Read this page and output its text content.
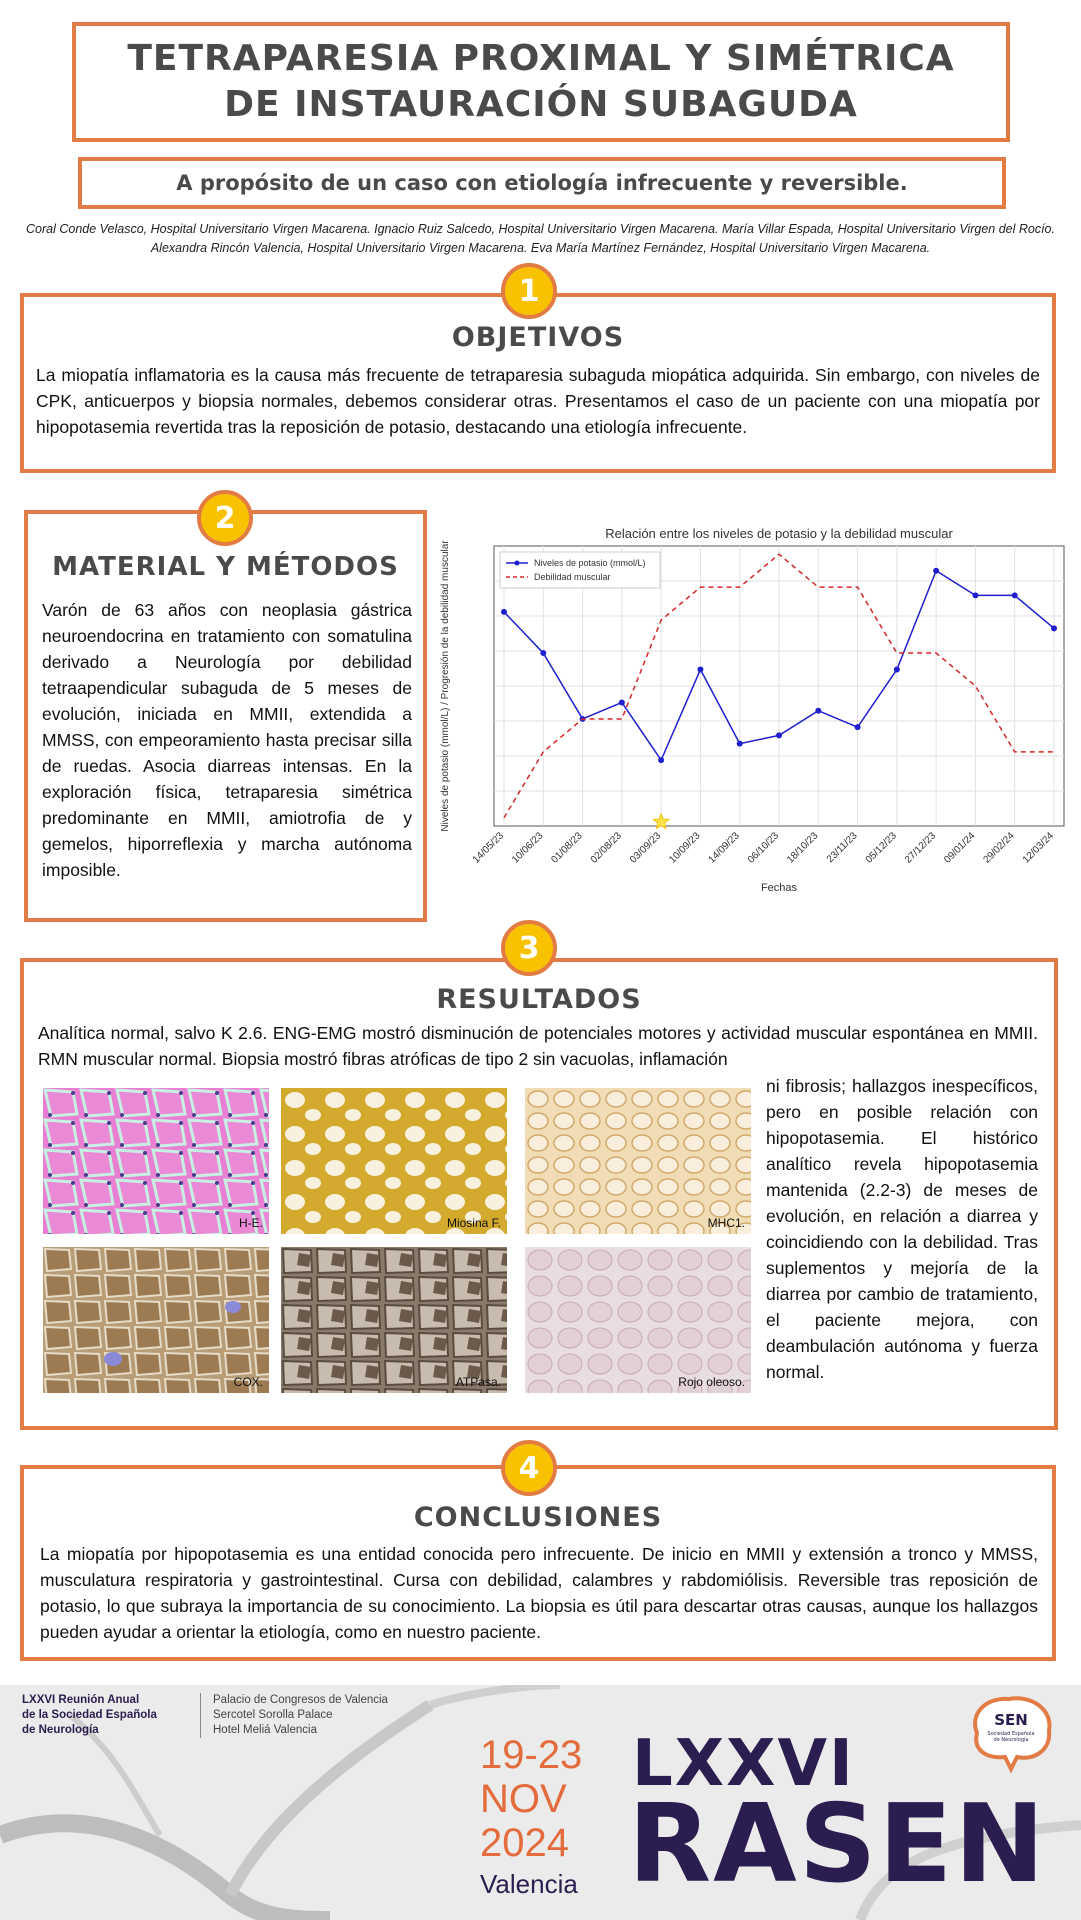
TETRAPARESIA PROXIMAL Y SIMÉTRICA
DE INSTAURACIÓN SUBAGUDA
A propósito de un caso con etiología infrecuente y reversible.
Coral Conde Velasco, Hospital Universitario Virgen Macarena. Ignacio Ruiz Salcedo, Hospital Universitario Virgen Macarena. María Villar Espada, Hospital Universitario Virgen del Rocío. Alexandra Rincón Valencia, Hospital Universitario Virgen Macarena. Eva María Martínez Fernández, Hospital Universitario Virgen Macarena.
1
OBJETIVOS
La miopatía inflamatoria es la causa más frecuente de tetraparesia subaguda miopática adquirida. Sin embargo, con niveles de CPK, anticuerpos y biopsia normales, debemos considerar otras. Presentamos el caso de un paciente con una miopatía por hipopotasemia revertida tras la reposición de potasio, destacando una etiología infrecuente.
2
MATERIAL Y MÉTODOS
Varón de 63 años con neoplasia gástrica neuroendocrina en tratamiento con somatulina derivado a Neurología por debilidad tetraapendicular subaguda de 5 meses de evolución, iniciada en MMII, extendida a MMSS, con empeoramiento hasta precisar silla de ruedas. Asocia diarreas intensas. En la exploración física, tetraparesia simétrica predominante en MMII, amiotrofia de y gemelos, hiporreflexia y marcha autónoma imposible.
Relación entre los niveles de potasio y la debilidad muscular
14/05/23 10/06/23 01/08/23 02/08/23 03/09/23 10/09/23 14/09/23 06/10/23 18/10/23 23/11/23 05/12/23 27/12/23 09/01/24 29/02/24 12/03/24
Fechas
Niveles de potasio (mmol/L) / Progresión de la debilidad muscular	Niveles de potasio (mmol/L)
Debilidad muscular
3
RESULTADOS
Analítica normal, salvo K 2.6. ENG-EMG mostró disminución de potenciales motores y actividad muscular espontánea en MMII. RMN muscular normal. Biopsia mostró fibras atróficas de tipo 2 sin vacuolas, inflamación
ni fibrosis; hallazgos inespecíficos, pero en posible relación con hipopotasemia. El histórico analítico revela hipopotasemia mantenida (2.2-3) de meses de evolución, en relación a diarrea y coincidiendo con la debilidad. Tras suplementos y mejoría de la diarrea por cambio de tratamiento, el paciente mejora, con deambulación autónoma y fuerza normal.
H-E.	Miosina F.	MHC1.
COX.	ATPasa.	Rojo oleoso.
4
CONCLUSIONES
La miopatía por hipopotasemia es una entidad conocida pero infrecuente. De inicio en MMII y extensión a tronco y MMSS, musculatura respiratoria y gastrointestinal. Cursa con debilidad, calambres y rabdomiólisis. Reversible tras reposición de potasio, lo que subraya la importancia de su conocimiento. La biopsia es útil para descartar otras causas, aunque los hallazgos pueden ayudar a orientar la etiología, como en nuestro paciente.
LXXVI Reunión Anual
de la Sociedad Española
de Neurología
Palacio de Congresos de Valencia
Sercotel Sorolla Palace
Hotel Meliá Valencia
19-23
NOV
2024
Valencia
LXXVI
RASEN
SEN
Sociedad Española
de Neurología
